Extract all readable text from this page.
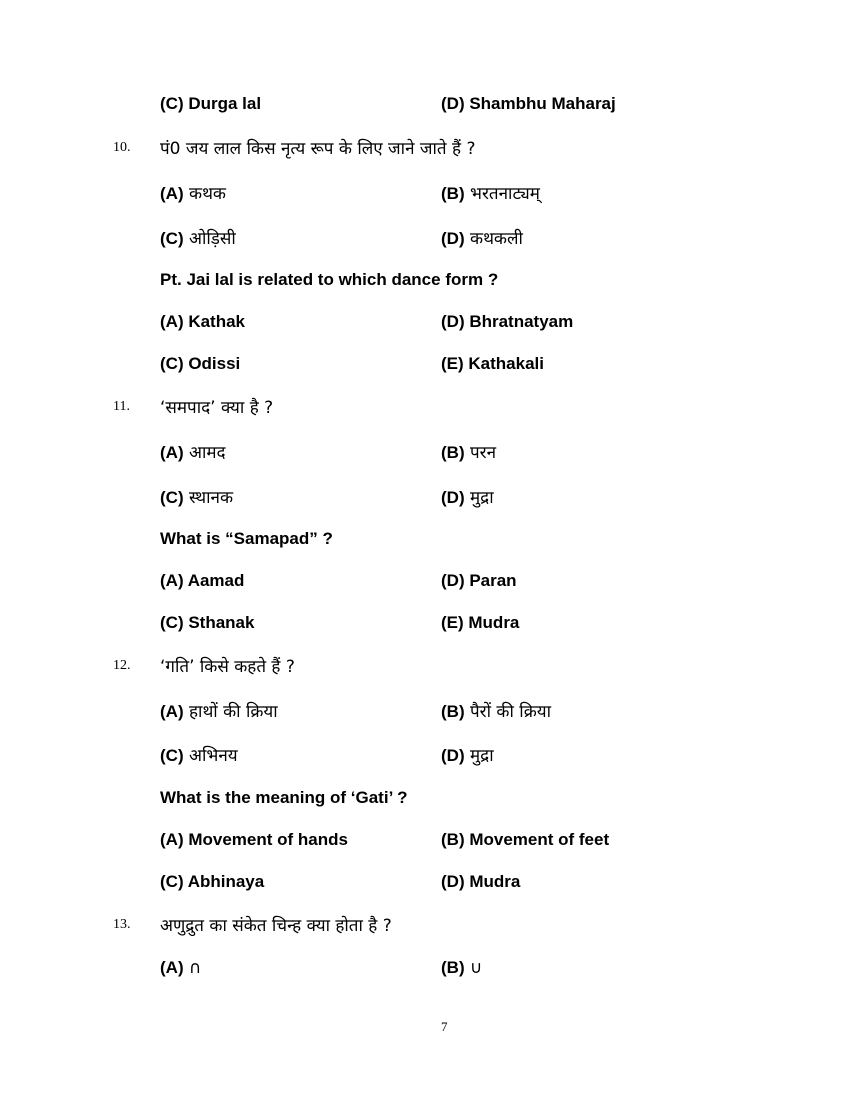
(C) Durga lal	(D) Shambhu Maharaj
10. पं0 जय लाल किस नृत्य रूप के लिए जाने जाते हैं ?
(A) कथक	(B) भरतनाट्यम्
(C) ओड़िसी	(D) कथकली
Pt. Jai lal is related to which dance form ?
(A) Kathak	(D) Bhratnatyam
(C) Odissi	(E) Kathakali
11. ‘समपाद’ क्या है ?
(A) आमद	(B) परन
(C) स्थानक	(D) मुद्रा
What is “Samapad” ?
(A) Aamad	(D) Paran
(C) Sthanak	(E) Mudra
12. ‘गति’ किसे कहते हैं ?
(A) हाथों की क्रिया	(B) पैरों की क्रिया
(C) अभिनय	(D) मुद्रा
What is the meaning of ‘Gati’ ?
(A) Movement of hands	(B) Movement of feet
(C) Abhinaya	(D) Mudra
13. अणुद्रुत का संकेत चिन्ह क्या होता है ?
(A) ∩	(B) ∪
7
